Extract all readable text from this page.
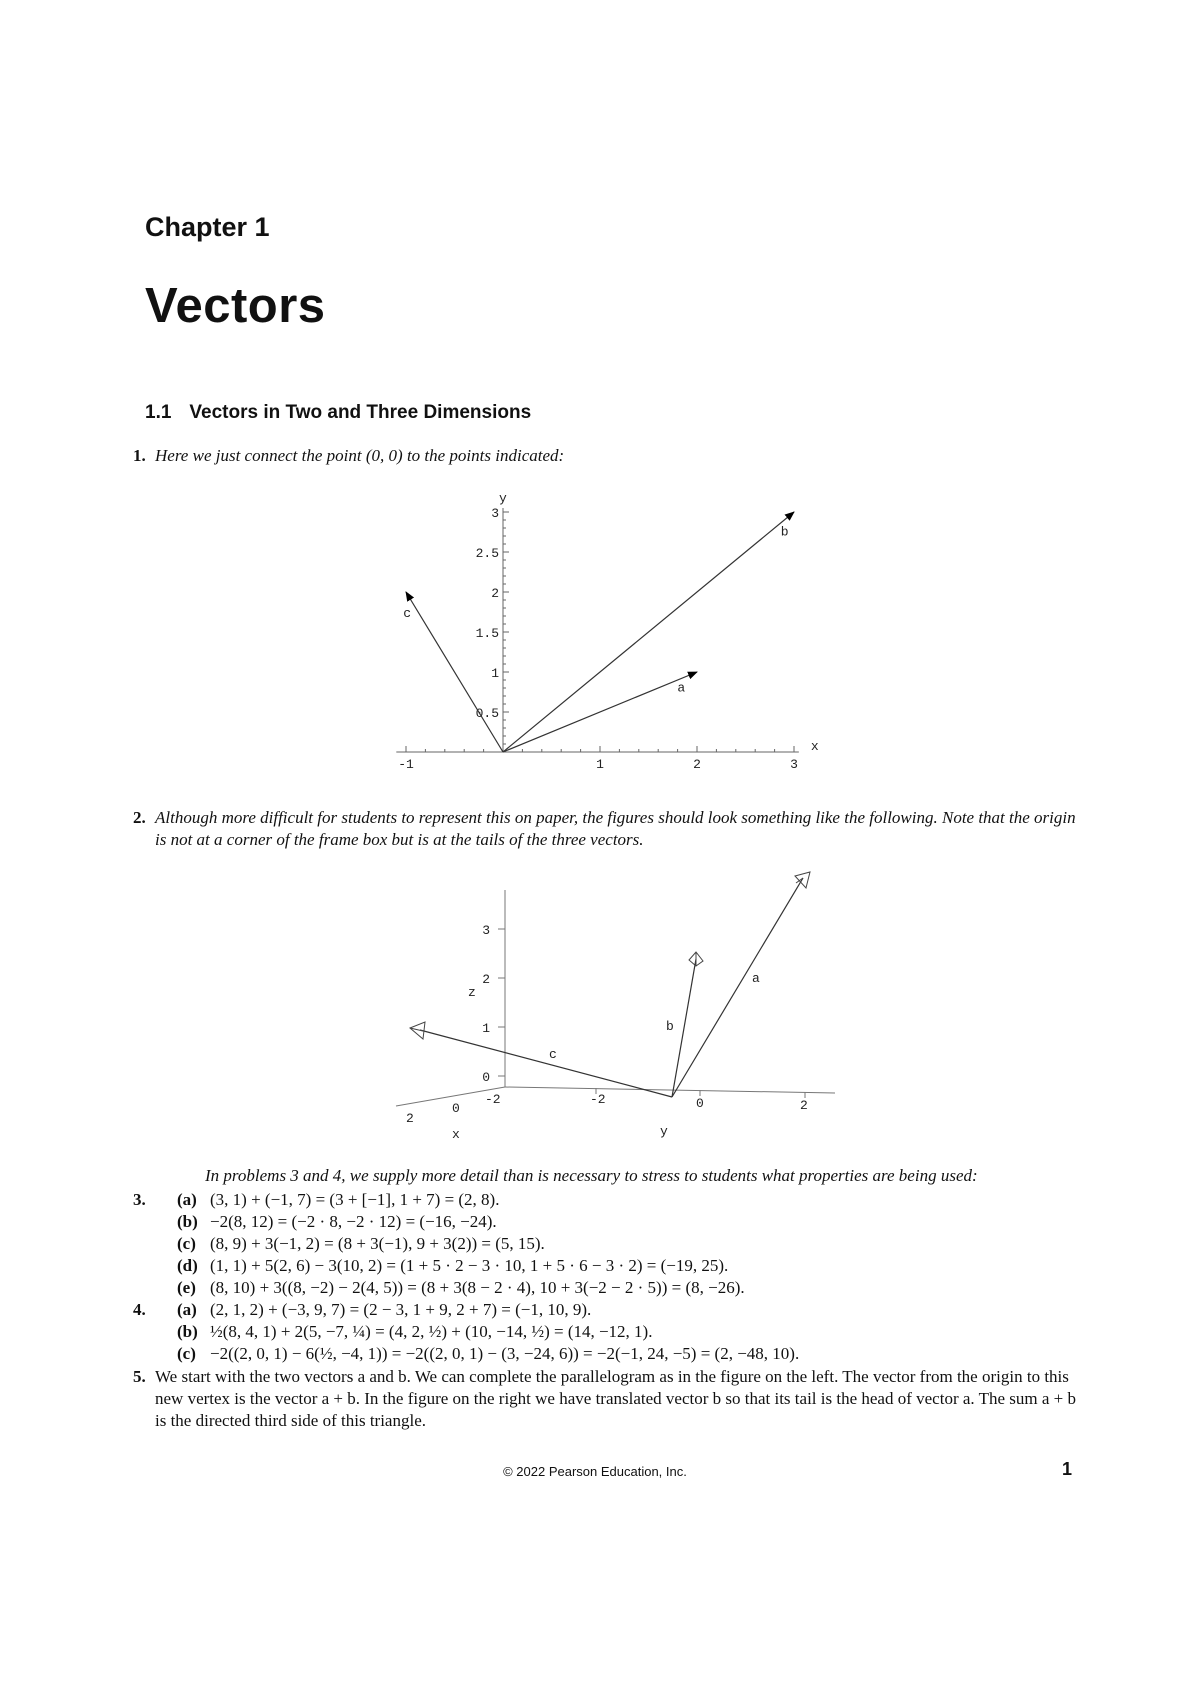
Chapter 1
Vectors
1.1 Vectors in Two and Three Dimensions
1. Here we just connect the point (0, 0) to the points indicated:
-1	1	2	3
0.5
1
1.5
2
2.5
3
x
y
a
b
c
2. Although more difficult for students to represent this on paper, the figures should look something like the following. Note that the origin is not at a corner of the frame box but is at the tails of the three vectors.
3
2
1
0
z
2
0
-2
x
-2	0	2
y
a
b
c
In problems 3 and 4, we supply more detail than is necessary to stress to students what properties are being used:
3. (a) (3, 1) + (−1, 7) = (3 + [−1], 1 + 7) = (2, 8).
(b) −2(8, 12) = (−2 · 8, −2 · 12) = (−16, −24).
(c) (8, 9) + 3(−1, 2) = (8 + 3(−1), 9 + 3(2)) = (5, 15).
(d) (1, 1) + 5(2, 6) − 3(10, 2) = (1 + 5 · 2 − 3 · 10, 1 + 5 · 6 − 3 · 2) = (−19, 25).
(e) (8, 10) + 3((8, −2) − 2(4, 5)) = (8 + 3(8 − 2 · 4), 10 + 3(−2 − 2 · 5)) = (8, −26).
4. (a) (2, 1, 2) + (−3, 9, 7) = (2 − 3, 1 + 9, 2 + 7) = (−1, 10, 9).
(b) ½(8, 4, 1) + 2(5, −7, ¼) = (4, 2, ½) + (10, −14, ½) = (14, −12, 1).
(c) −2((2, 0, 1) − 6(½, −4, 1)) = −2((2, 0, 1) − (3, −24, 6)) = −2(−1, 24, −5) = (2, −48, 10).
5. We start with the two vectors a and b. We can complete the parallelogram as in the figure on the left. The vector from the origin to this new vertex is the vector a + b. In the figure on the right we have translated vector b so that its tail is the head of vector a. The sum a + b is the directed third side of this triangle.
© 2022 Pearson Education, Inc.	1
